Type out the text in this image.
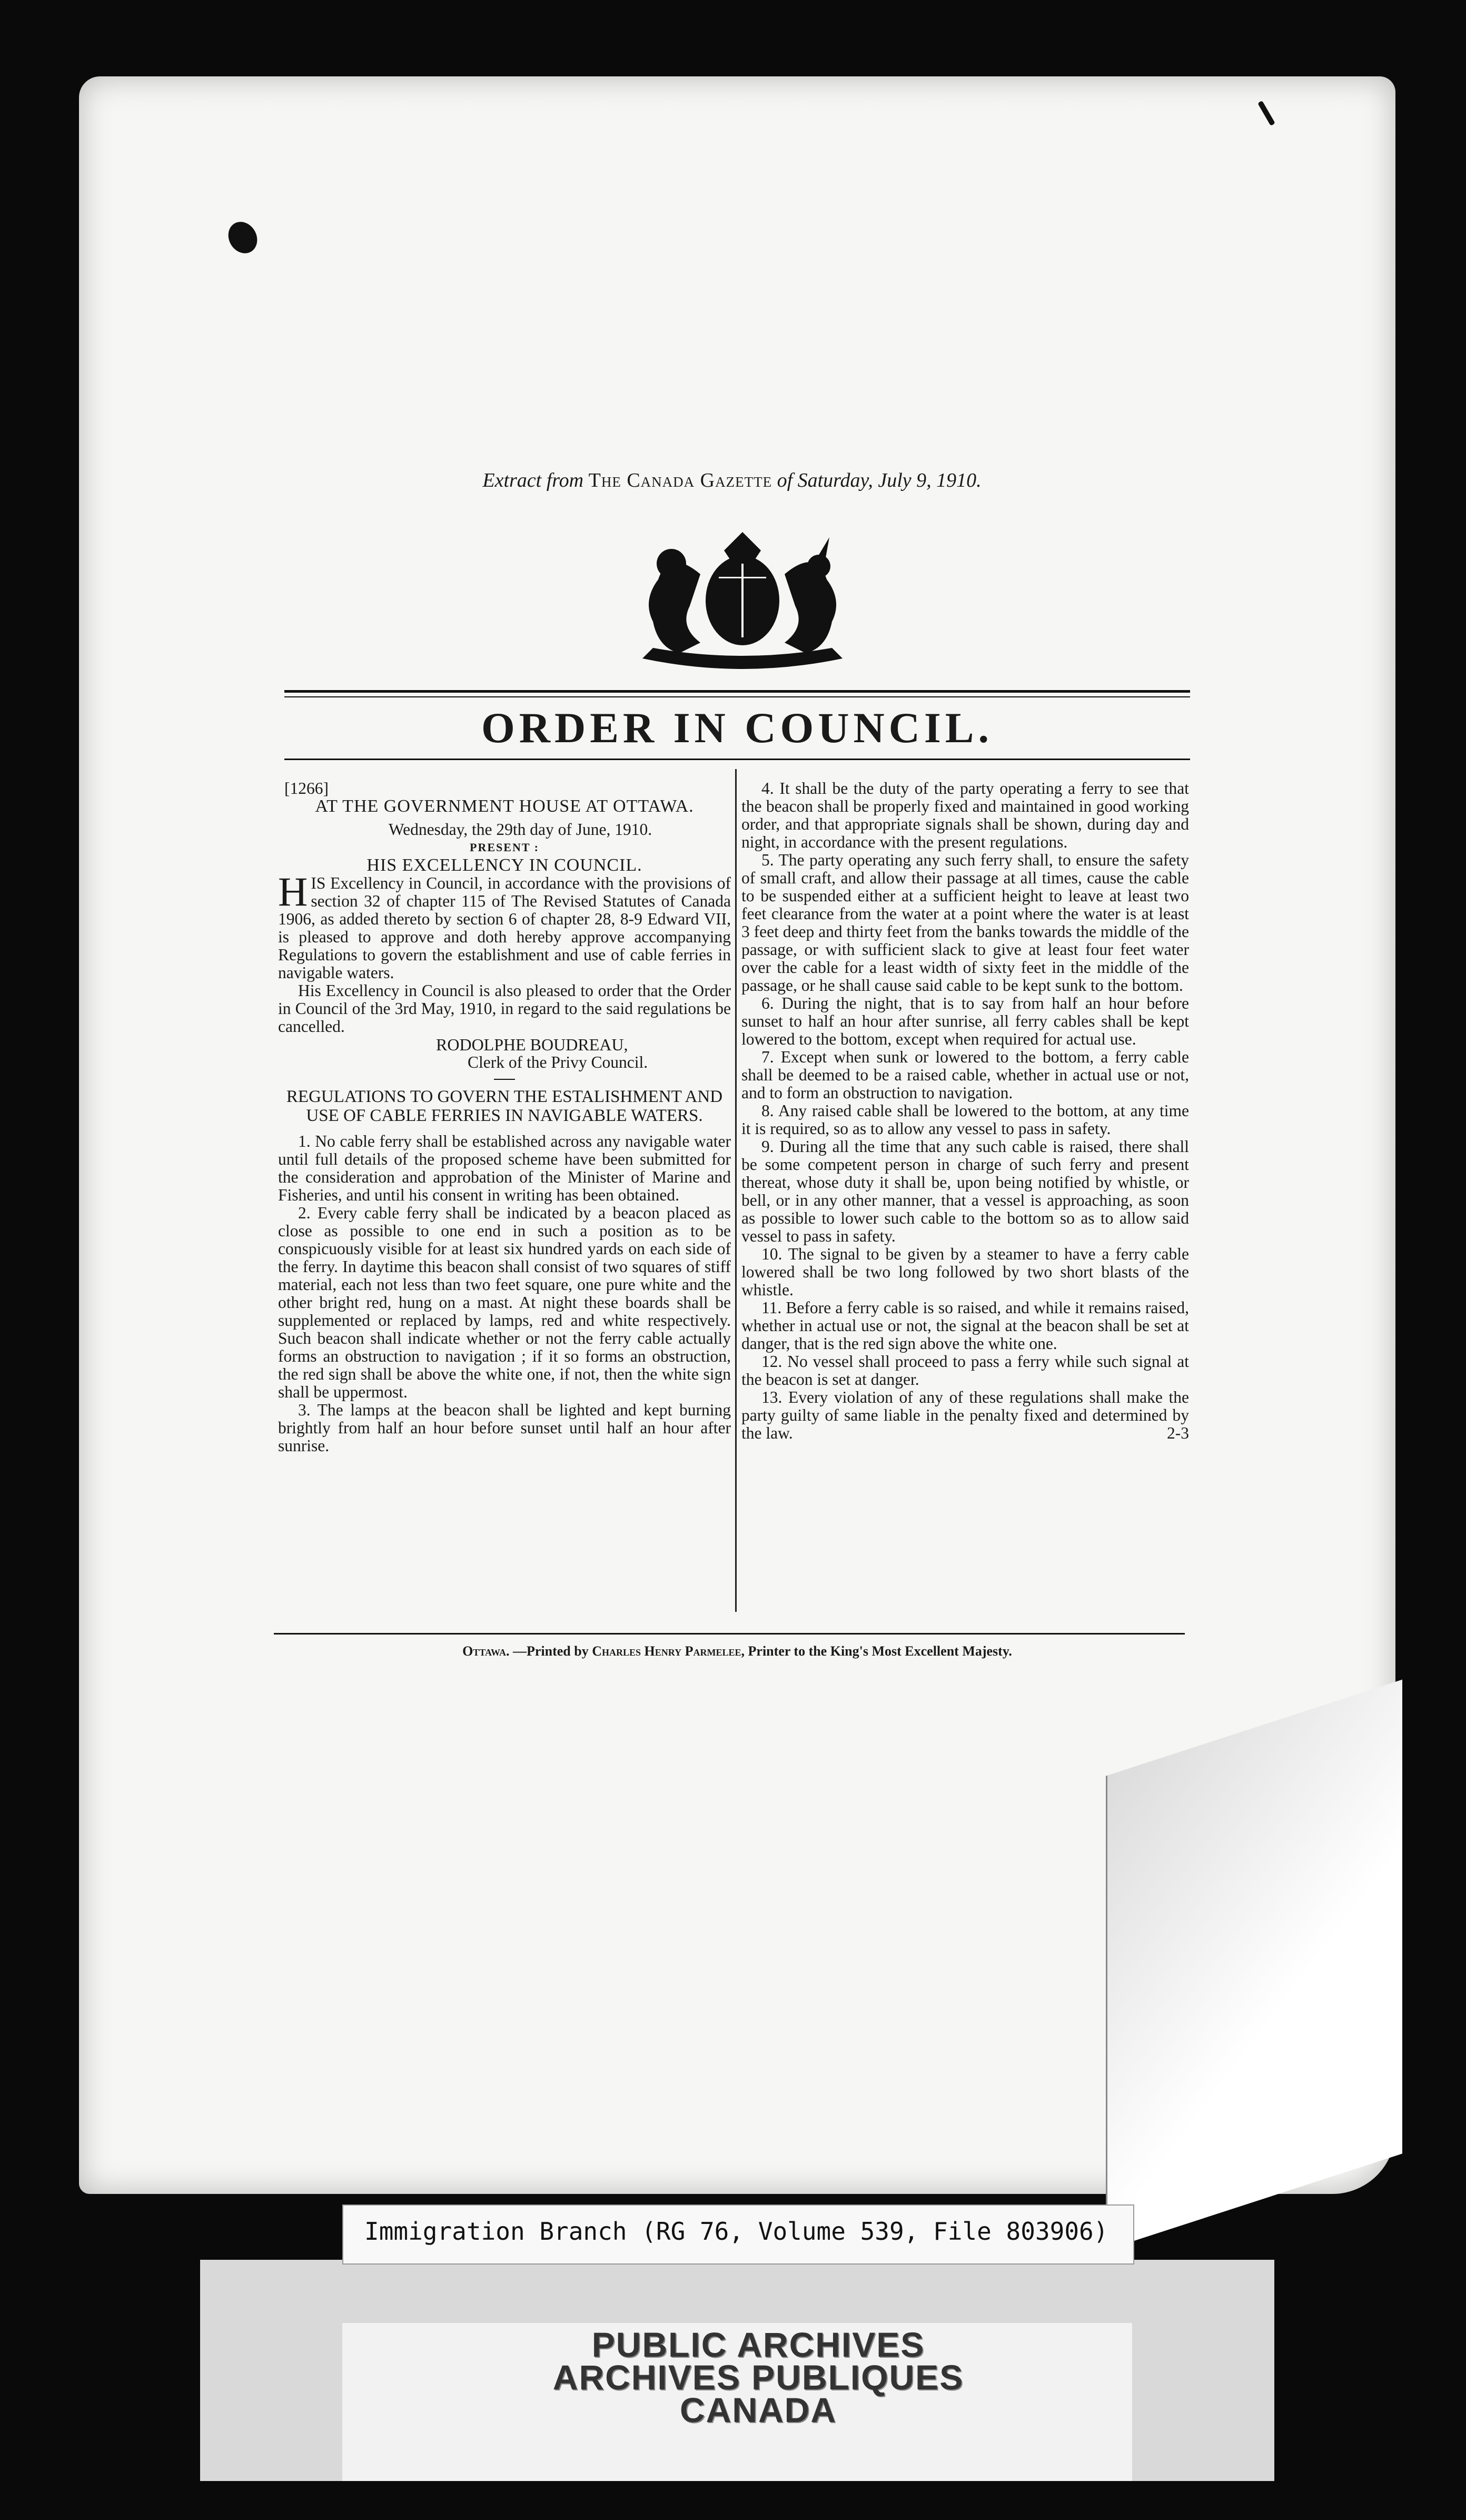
Extract from The Canada Gazette of Saturday, July 9, 1910.
ORDER IN COUNCIL.

[1266]

AT THE GOVERNMENT HOUSE AT OTTAWA.

Wednesday, the 29th day of June, 1910.

PRESENT :

HIS EXCELLENCY IN COUNCIL.

HIS Excellency in Council, in accordance with the provisions of section 32 of chapter 115 of The Revised Statutes of Canada 1906, as added thereto by section 6 of chapter 28, 8-9 Edward VII, is pleased to approve and doth hereby approve accompanying Regulations to govern the establishment and use of cable ferries in navigable waters.

His Excellency in Council is also pleased to order that the Order in Council of the 3rd May, 1910, in regard to the said regulations be cancelled.

RODOLPHE BOUDREAU,

Clerk of the Privy Council.

REGULATIONS TO GOVERN THE ESTALISHMENT AND USE OF CABLE FERRIES IN NAVIGABLE WATERS.

1. No cable ferry shall be established across any navigable water until full details of the proposed scheme have been submitted for the consideration and approbation of the Minister of Marine and Fisheries, and until his consent in writing has been obtained.

2. Every cable ferry shall be indicated by a beacon placed as close as possible to one end in such a position as to be conspicuously visible for at least six hundred yards on each side of the ferry. In daytime this beacon shall consist of two squares of stiff material, each not less than two feet square, one pure white and the other bright red, hung on a mast. At night these boards shall be supplemented or replaced by lamps, red and white respectively. Such beacon shall indicate whether or not the ferry cable actually forms an obstruction to navigation ; if it so forms an obstruction, the red sign shall be above the white one, if not, then the white sign shall be uppermost.

3. The lamps at the beacon shall be lighted and kept burning brightly from half an hour before sunset until half an hour after sunrise.

4. It shall be the duty of the party operating a ferry to see that the beacon shall be properly fixed and maintained in good working order, and that appropriate signals shall be shown, during day and night, in accordance with the present regulations.

5. The party operating any such ferry shall, to ensure the safety of small craft, and allow their passage at all times, cause the cable to be suspended either at a sufficient height to leave at least two feet clearance from the water at a point where the water is at least 3 feet deep and thirty feet from the banks towards the middle of the passage, or with sufficient slack to give at least four feet water over the cable for a least width of sixty feet in the middle of the passage, or he shall cause said cable to be kept sunk to the bottom.

6. During the night, that is to say from half an hour before sunset to half an hour after sunrise, all ferry cables shall be kept lowered to the bottom, except when required for actual use.

7. Except when sunk or lowered to the bottom, a ferry cable shall be deemed to be a raised cable, whether in actual use or not, and to form an obstruction to navigation.

8. Any raised cable shall be lowered to the bottom, at any time it is required, so as to allow any vessel to pass in safety.

9. During all the time that any such cable is raised, there shall be some competent person in charge of such ferry and present thereat, whose duty it shall be, upon being notified by whistle, or bell, or in any other manner, that a vessel is approaching, as soon as possible to lower such cable to the bottom so as to allow said vessel to pass in safety.

10. The signal to be given by a steamer to have a ferry cable lowered shall be two long followed by two short blasts of the whistle.

11. Before a ferry cable is so raised, and while it remains raised, whether in actual use or not, the signal at the beacon shall be set at danger, that is the red sign above the white one.

12. No vessel shall proceed to pass a ferry while such signal at the beacon is set at danger.

13. Every violation of any of these regulations shall make the party guilty of same liable in the penalty fixed and determined by the law.	2-3

Ottawa. —Printed by Charles Henry Parmelee, Printer to the King's Most Excellent Majesty.
Immigration Branch (RG 76, Volume 539, File 803906)
PUBLIC ARCHIVES
ARCHIVES PUBLIQUES
CANADA
